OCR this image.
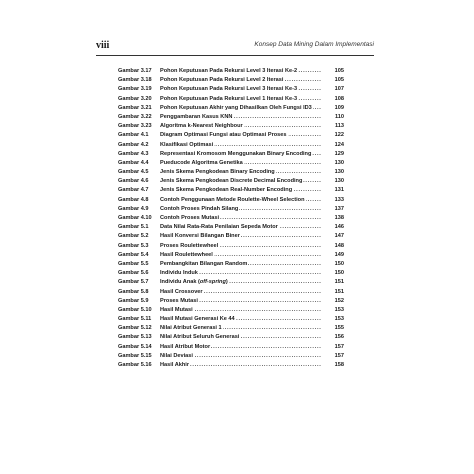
viii	Konsep Data Mining Dalam Implementasi
Gambar 3.17	Pohon Keputusan Pada Rekursi Level 3 Iterasi Ke-2 . . .	105
Gambar 3.18	Pohon Keputusan Pada Rekursi Level 2 Iterasi . . .	105
Gambar 3.19	Pohon Keputusan Pada Rekursi Level 3 Iterasi Ke-3 . . .	107
Gambar 3.20	Pohon Keputusan Pada Rekursi Level 1 Iterasi Ke-3 . . .	108
Gambar 3.21	Pohon Keputusan Akhir yang Dihasilkan Oleh Fungsi ID3 . . .	109
Gambar 3.22	Penggambaran Kasus KNN . . .	110
Gambar 3.23	Algoritma k-Nearest Neighbour . . .	113
Gambar 4.1	Diagram Optimasi Fungsi atau Optimasi Proses . . .	122
Gambar 4.2	Klasifikasi Optimasi . . .	124
Gambar 4.3	Representasi Kromosom Menggunakan Binary Encoding . . .	129
Gambar 4.4	Pueducode Algoritma Genetika . . .	130
Gambar 4.5	Jenis Skema Pengkodean Binary Encoding . . .	130
Gambar 4.6	Jenis Skema Pengkodean Discrete Decimal Encoding . . .	130
Gambar 4.7	Jenis Skema Pengkodean Real-Number Encoding . . .	131
Gambar 4.8	Contoh Penggunaan Metode Roulette-Wheel Selection . . .	133
Gambar 4.9	Contoh Proses Pindah Silang . . .	137
Gambar 4.10	Contoh Proses Mutasi . . .	138
Gambar 5.1	Data Nilai Rata-Rata Penilaian Sepeda Motor . . .	146
Gambar 5.2	Hasil Konversi Bilangan Biner . . .	147
Gambar 5.3	Proses Roulettewheel . . .	148
Gambar 5.4	Hasil Roulettewheel . . .	149
Gambar 5.5	Pembangkitan Bilangan Random . . .	150
Gambar 5.6	Individu Induk . . .	150
Gambar 5.7	Individu Anak (off-spring) . . .	151
Gambar 5.8	Hasil Crossover . . .	151
Gambar 5.9	Proses Mutasi . . .	152
Gambar 5.10	Hasil Mutasi . . .	153
Gambar 5.11	Hasil Mutasi Generasi Ke 44 . . .	153
Gambar 5.12	Nilai Atribut Generasi 1 . . .	155
Gambar 5.13	Nilai Atribut Seluruh Generasi . . .	156
Gambar 5.14	Hasil Atribut Motor . . .	157
Gambar 5.15	Nilai Deviasi . . .	157
Gambar 5.16	Hasil Akhir . . .	158
